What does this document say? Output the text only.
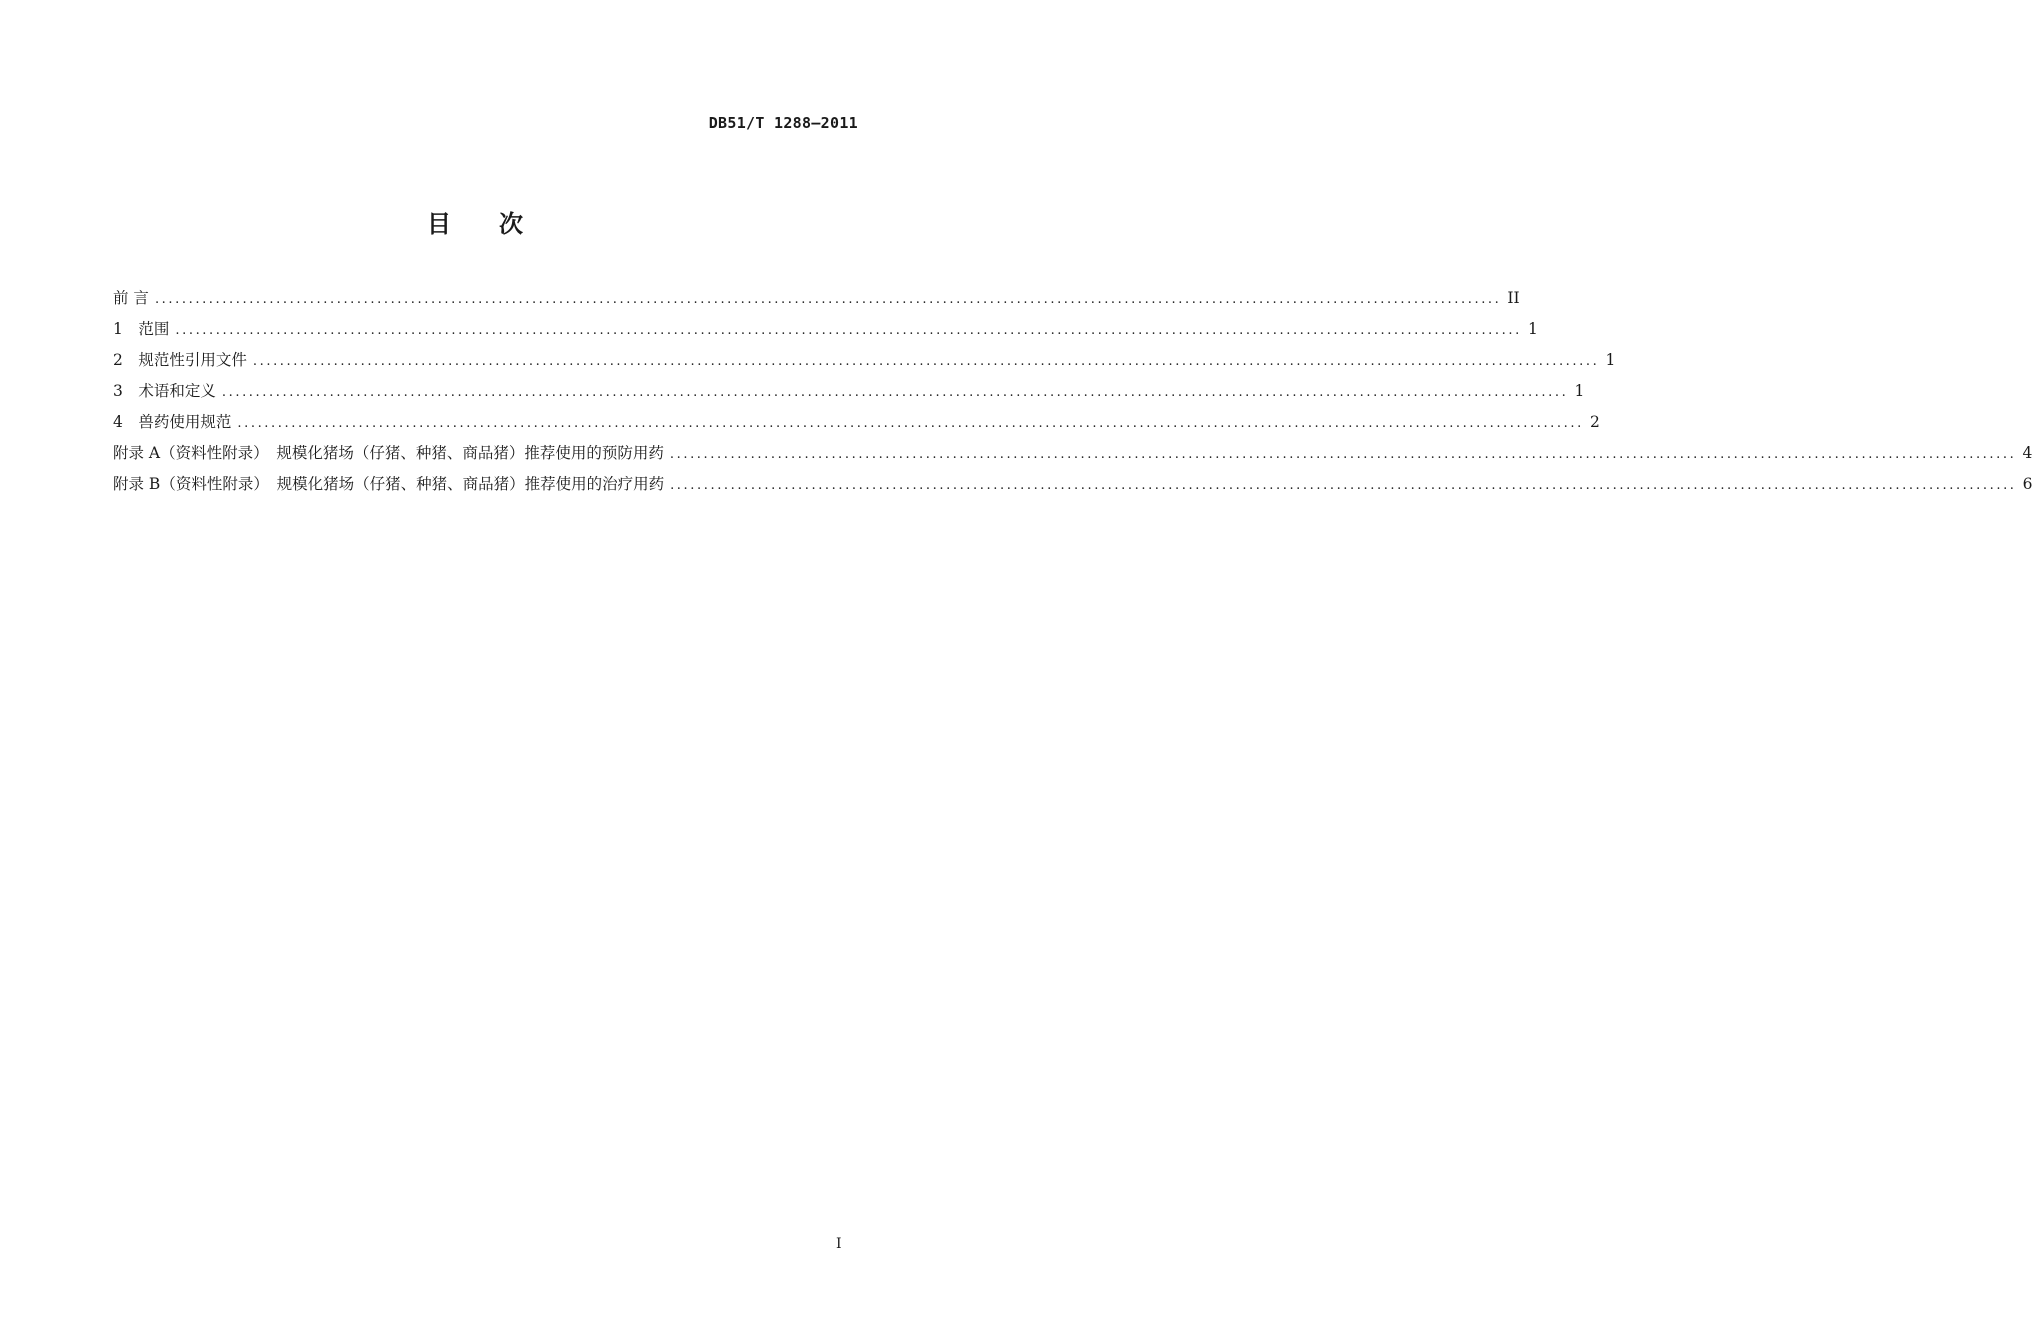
DB51/T 1288—2011
目　　次
前 言 ........................................................................................................................................................................................................ II
1　范围 ........................................................................................................................................................................................................ 1
2　规范性引用文件 ........................................................................................................................................................................................................ 1
3　术语和定义 ........................................................................................................................................................................................................ 1
4　兽药使用规范 ........................................................................................................................................................................................................ 2
附录 A（资料性附录）　规模化猪场（仔猪、种猪、商品猪）推荐使用的预防用药 ........................................................................................................................................................................................................ 4
附录 B（资料性附录）　规模化猪场（仔猪、种猪、商品猪）推荐使用的治疗用药 ........................................................................................................................................................................................................ 6
I
